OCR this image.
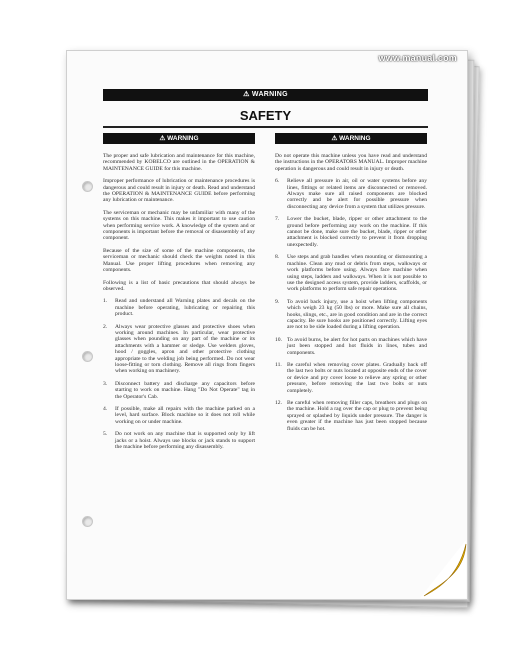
www.manual.com
⚠ WARNING
SAFETY
⚠ WARNING

The proper and safe lubrication and maintenance for this machine, recommended by KOBELCO are outlined in the OPERATION & MAINTENANCE GUIDE for this machine.

Improper performance of lubrication or maintenance procedures is dangerous and could result in injury or death. Read and understand the OPERATION & MAINTENANCE GUIDE before performing any lubrication or maintenance.

The serviceman or mechanic may be unfamiliar with many of the systems on this machine. This makes it important to use caution when performing service work. A knowledge of the system and or components is important before the removal or disassembly of any component.

Because of the size of some of the machine components, the serviceman or mechanic should check the weights noted in this Manual. Use proper lifting procedures when removing any components.

Following is a list of basic precautions that should always be observed.

1.	Read and understand all Warning plates and decals on the machine before operating, lubricating or repairing this product.
2.	Always wear protective glasses and protective shoes when working around machines. In particular, wear protective glasses when pounding on any part of the machine or its attachments with a hammer or sledge. Use welders gloves, hood / goggles, apron and other protective clothing appropriate to the welding job being performed. Do not wear loose-fitting or torn clothing. Remove all rings from fingers when working on machinery.
3.	Disconnect battery and discharge any capacitors before starting to work on machine. Hang "Do Not Operate" tag in the Operator's Cab.
4.	If possible, make all repairs with the machine parked on a level, hard surface. Block machine so it does not roll while working on or under machine.
5.	Do not work on any machine that is supported only by lift jacks or a hoist. Always use blocks or jack stands to support the machine before performing any disassembly.
⚠ WARNING

Do not operate this machine unless you have read and understand the instructions in the OPERATORS MANUAL. Improper machine operation is dangerous and could result in injury or death.

6.	Relieve all pressure in air, oil or water systems before any lines, fittings or related items are disconnected or removed. Always make sure all raised components are blocked correctly and be alert for possible pressure when disconnecting any device from a system that utilizes pressure.
7.	Lower the bucket, blade, ripper or other attachment to the ground before performing any work on the machine. If this cannot be done, make sure the bucket, blade, ripper or other attachment is blocked correctly to prevent it from dropping unexpectedly.
8.	Use steps and grab handles when mounting or dismounting a machine. Clean any mud or debris from steps, walkways or work platforms before using. Always face machine when using steps, ladders and walkways. When it is not possible to use the designed access system, provide ladders, scaffolds, or work platforms to perform safe repair operations.
9.	To avoid back injury, use a hoist when lifting components which weigh 23 kg (50 lbs) or more. Make sure all chains, hooks, slings, etc., are in good condition and are in the correct capacity. Be sure hooks are positioned correctly. Lifting eyes are not to be side loaded during a lifting operation.
10. To avoid burns, be alert for hot parts on machines which have just been stopped and hot fluids in lines, tubes and components.
11. Be careful when removing cover plates. Gradually back off the last two bolts or nuts located at opposite ends of the cover or device and pry cover loose to relieve any spring or other pressure, before removing the last two bolts or nuts completely.
12. Be careful when removing filler caps, breathers and plugs on the machine. Hold a rag over the cap or plug to prevent being sprayed or splashed by liquids under pressure. The danger is even greater if the machine has just been stopped because fluids can be hot.
